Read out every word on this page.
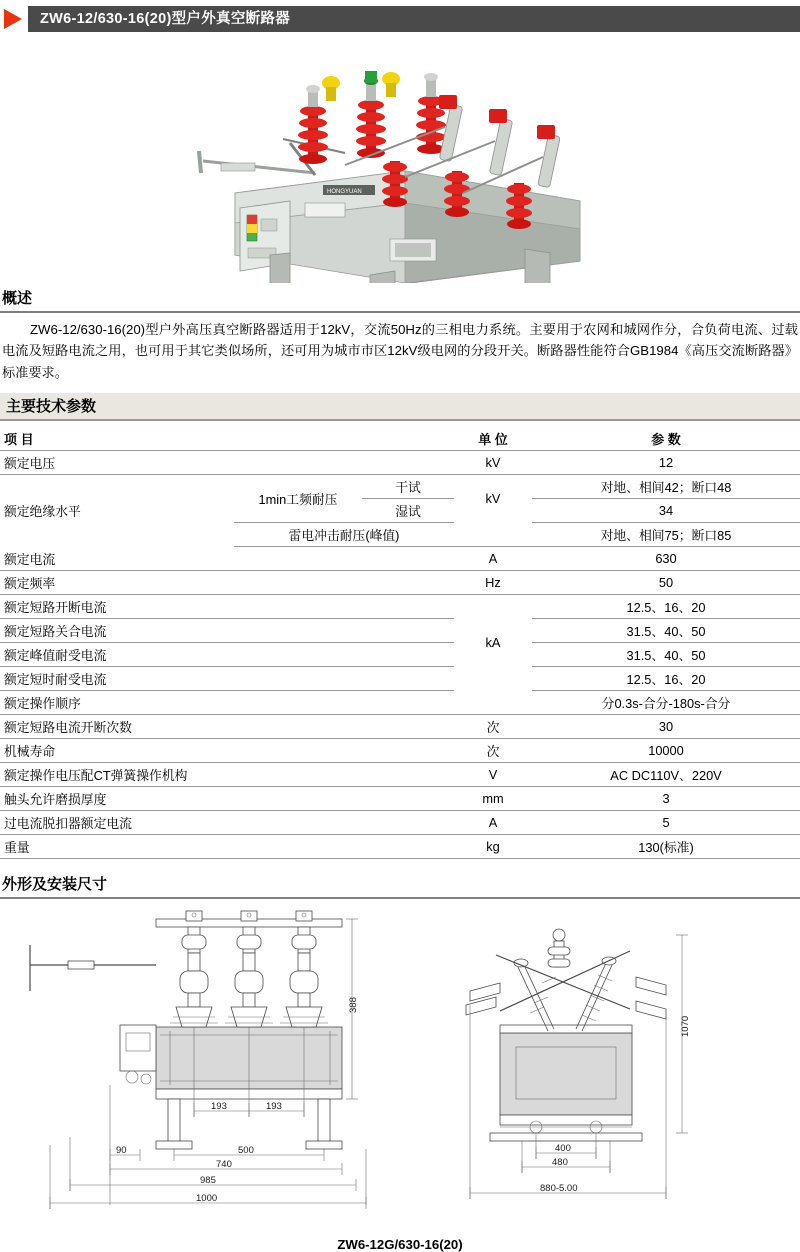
ZW6-12/630-16(20)型户外真空断路器
HONGYUAN
概述
ZW6-12/630-16(20)型户外高压真空断路器适用于12kV，交流50Hz的三相电力系统。主要用于农网和城网作分，合负荷电流、过载电流及短路电流之用，也可用于其它类似场所，还可用为城市市区12kV级电网的分段开关。断路器性能符合GB1984《高压交流断路器》标准要求。
主要技术参数
项 目			单 位	参 数
额定电压			kV	12
额定绝缘水平	1min工频耐压	干试	kV	对地、相间42；断口48
		湿试		34
	雷电冲击耐压(峰值)			对地、相间75；断口85
额定电流			A	630
额定频率			Hz	50
额定短路开断电流			kA	12.5、16、20
额定短路关合电流				31.5、40、50
额定峰值耐受电流				31.5、40、50
额定短时耐受电流				12.5、16、20
额定操作顺序				分0.3s-合分-180s-合分
额定短路电流开断次数			次	30
机械寿命			次	10000
额定操作电压配CT弹簧操作机构			V	AC DC110V、220V
触头允许磨损厚度			mm	3
过电流脱扣器额定电流			A	5
重量			kg	130(标准)
外形及安装尺寸
193	193
388
90	500
740
985
1000
1070
400
480
880-5.00
ZW6-12G/630-16(20)
